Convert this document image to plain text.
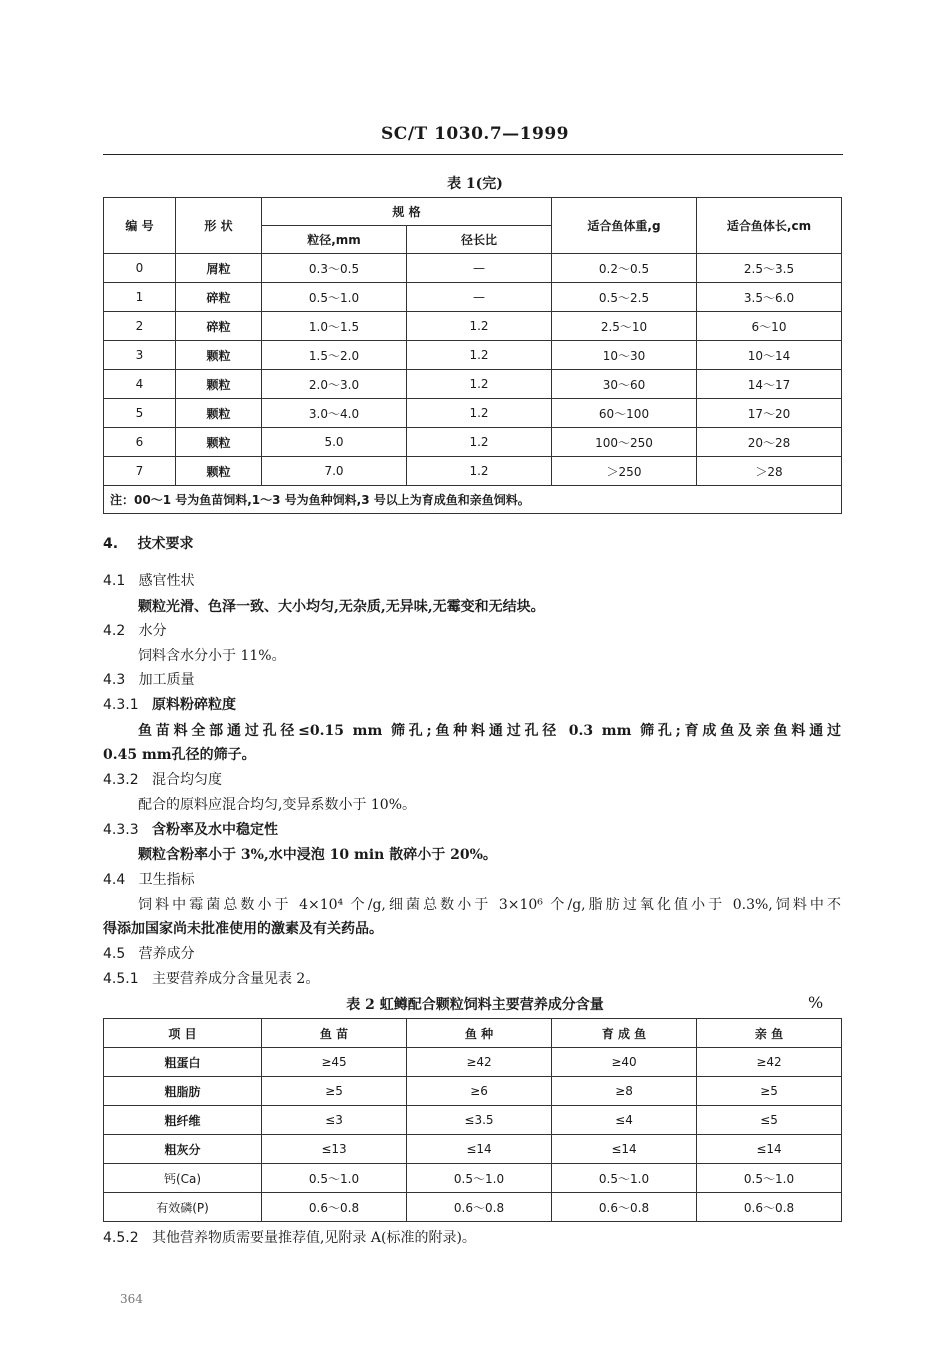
SC/T 1030.7—1999
表 1(完)
编 号	形 状	规 格		适合鱼体重,g	适合鱼体长,cm
		粒径,mm	径长比		
0	屑粒	0.3～0.5	—	0.2～0.5	2.5～3.5
1	碎粒	0.5～1.0	—	0.5～2.5	3.5～6.0
2	碎粒	1.0～1.5	1.2	2.5～10	6～10
3	颗粒	1.5～2.0	1.2	10～30	10～14
4	颗粒	2.0～3.0	1.2	30～60	14～17
5	颗粒	3.0～4.0	1.2	60～100	17～20
6	颗粒	5.0	1.2	100～250	20～28
7	颗粒	7.0	1.2	＞250	＞28
注：00～1 号为鱼苗饲料,1～3 号为鱼种饲料,3 号以上为育成鱼和亲鱼饲料。					
4. 技术要求
4.1 感官性状
颗粒光滑、色泽一致、大小均匀,无杂质,无异味,无霉变和无结块。
4.2 水分
饲料含水分小于 11%。
4.3 加工质量
4.3.1 原料粉碎粒度
鱼苗料全部通过孔径≤0.15 mm 筛孔;鱼种料通过孔径 0.3 mm 筛孔;育成鱼及亲鱼料通过
0.45 mm孔径的筛子。
4.3.2 混合均匀度
配合的原料应混合均匀,变异系数小于 10%。
4.3.3 含粉率及水中稳定性
颗粒含粉率小于 3%,水中浸泡 10 min 散碎小于 20%。
4.4 卫生指标
饲料中霉菌总数小于 4×10⁴ 个/g,细菌总数小于 3×10⁶ 个/g,脂肪过氧化值小于 0.3%,饲料中不
得添加国家尚未批准使用的激素及有关药品。
4.5 营养成分
4.5.1 主要营养成分含量见表 2。
表 2 虹鳟配合颗粒饲料主要营养成分含量	%
项 目	鱼 苗	鱼 种	育 成 鱼	亲 鱼
粗蛋白	≥45	≥42	≥40	≥42
粗脂肪	≥5	≥6	≥8	≥5
粗纤维	≤3	≤3.5	≤4	≤5
粗灰分	≤13	≤14	≤14	≤14
钙(Ca)	0.5～1.0	0.5～1.0	0.5～1.0	0.5～1.0
有效磷(P)	0.6～0.8	0.6～0.8	0.6～0.8	0.6～0.8
4.5.2 其他营养物质需要量推荐值,见附录 A(标准的附录)。
364
